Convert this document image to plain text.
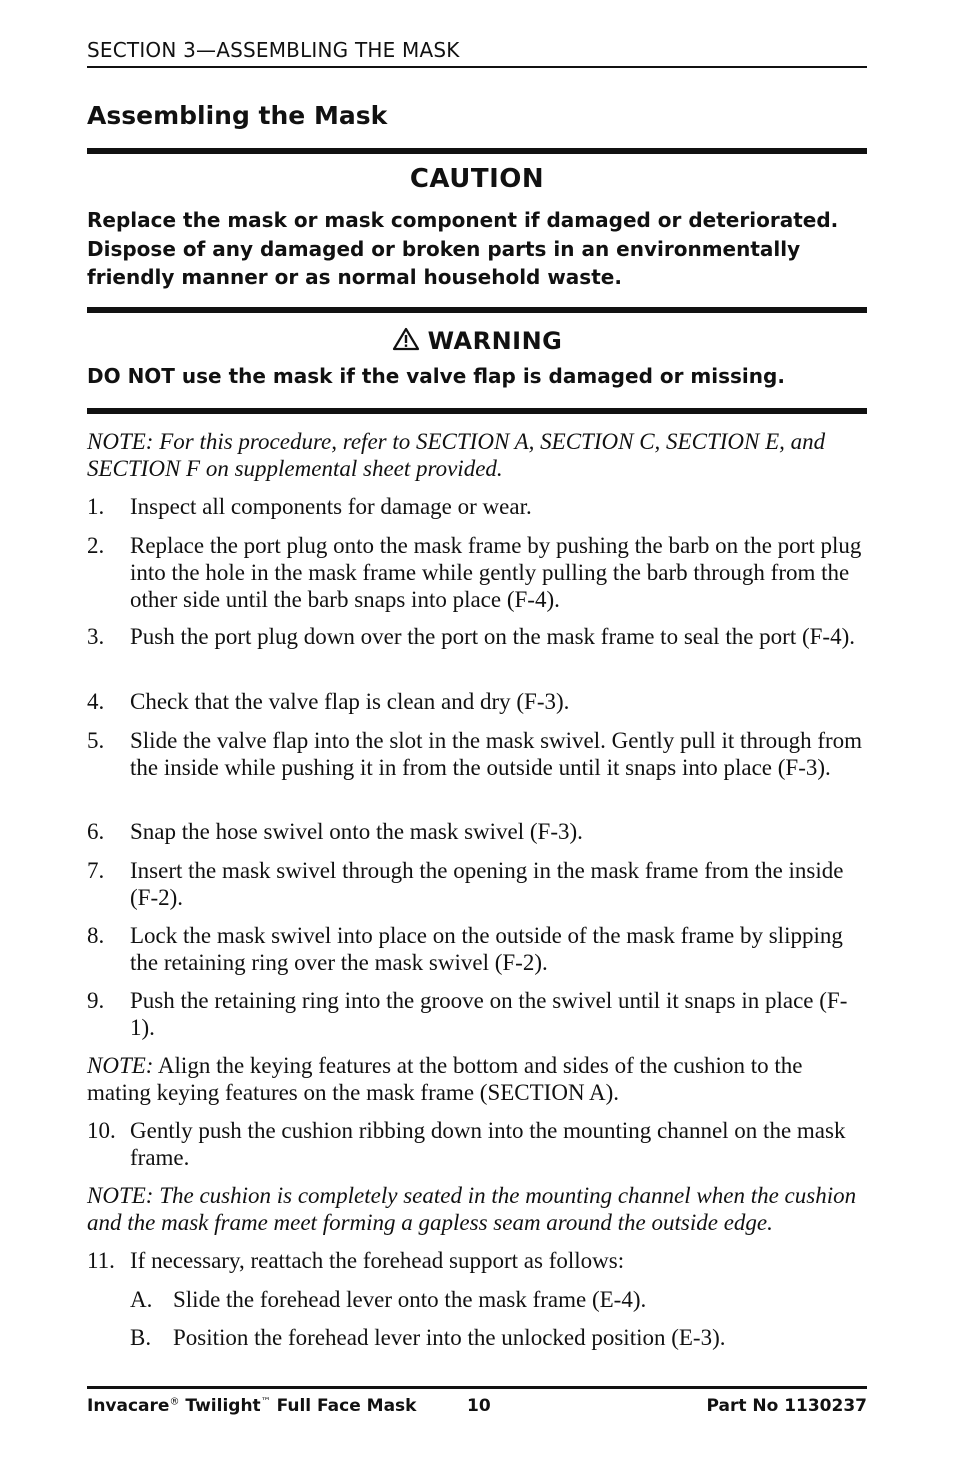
SECTION 3—ASSEMBLING THE MASK
Assembling the Mask
CAUTION
Replace the mask or mask component if damaged or deteriorated. Dispose of any damaged or broken parts in an environmentally friendly manner or as normal household waste.
WARNING
DO NOT use the mask if the valve flap is damaged or missing.
NOTE: For this procedure, refer to SECTION A, SECTION C, SECTION E, and SECTION F on supplemental sheet provided.
1. Inspect all components for damage or wear.
2. Replace the port plug onto the mask frame by pushing the barb on the port plug into the hole in the mask frame while gently pulling the barb through from the other side until the barb snaps into place (F-4).
3. Push the port plug down over the port on the mask frame to seal the port (F-4).
4. Check that the valve flap is clean and dry (F-3).
5. Slide the valve flap into the slot in the mask swivel. Gently pull it through from the inside while pushing it in from the outside until it snaps into place (F-3).
6. Snap the hose swivel onto the mask swivel (F-3).
7. Insert the mask swivel through the opening in the mask frame from the inside (F-2).
8. Lock the mask swivel into place on the outside of the mask frame by slipping the retaining ring over the mask swivel (F-2).
9. Push the retaining ring into the groove on the swivel until it snaps in place (F-1).
NOTE: Align the keying features at the bottom and sides of the cushion to the mating keying features on the mask frame (SECTION A).
10. Gently push the cushion ribbing down into the mounting channel on the mask frame.
NOTE: The cushion is completely seated in the mounting channel when the cushion and the mask frame meet forming a gapless seam around the outside edge.
11. If necessary, reattach the forehead support as follows:
A. Slide the forehead lever onto the mask frame (E-4).
B. Position the forehead lever into the unlocked position (E-3).
Invacare® Twilight™ Full Face Mask	10	Part No 1130237
